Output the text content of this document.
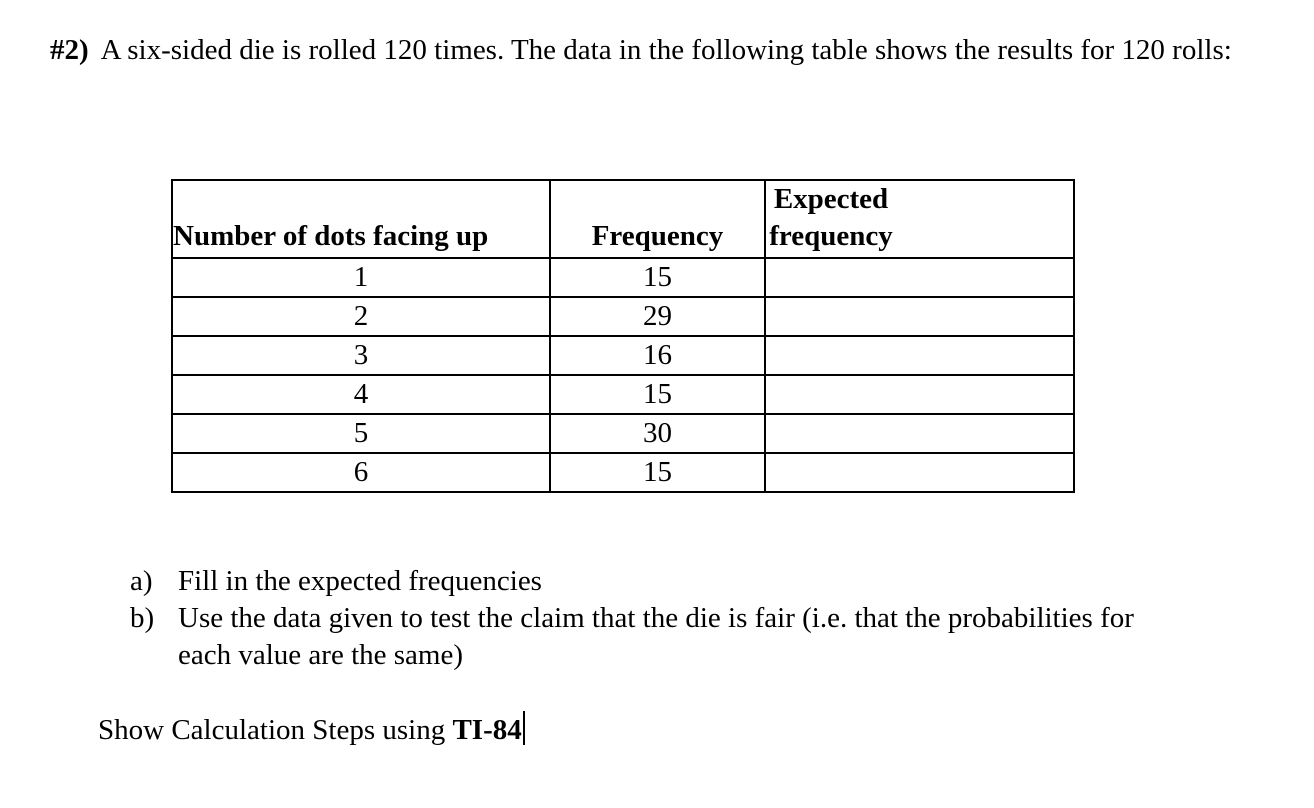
#2) A six-sided die is rolled 120 times. The data in the following table shows the results for 120 rolls:
Number of dots facing up	Frequency	Expected frequency
1	15	
2	29	
3	16	
4	15	
5	30	
6	15	
a) Fill in the expected frequencies
b) Use the data given to test the claim that the die is fair (i.e. that the probabilities for each value are the same)
Show Calculation Steps using TI-84
